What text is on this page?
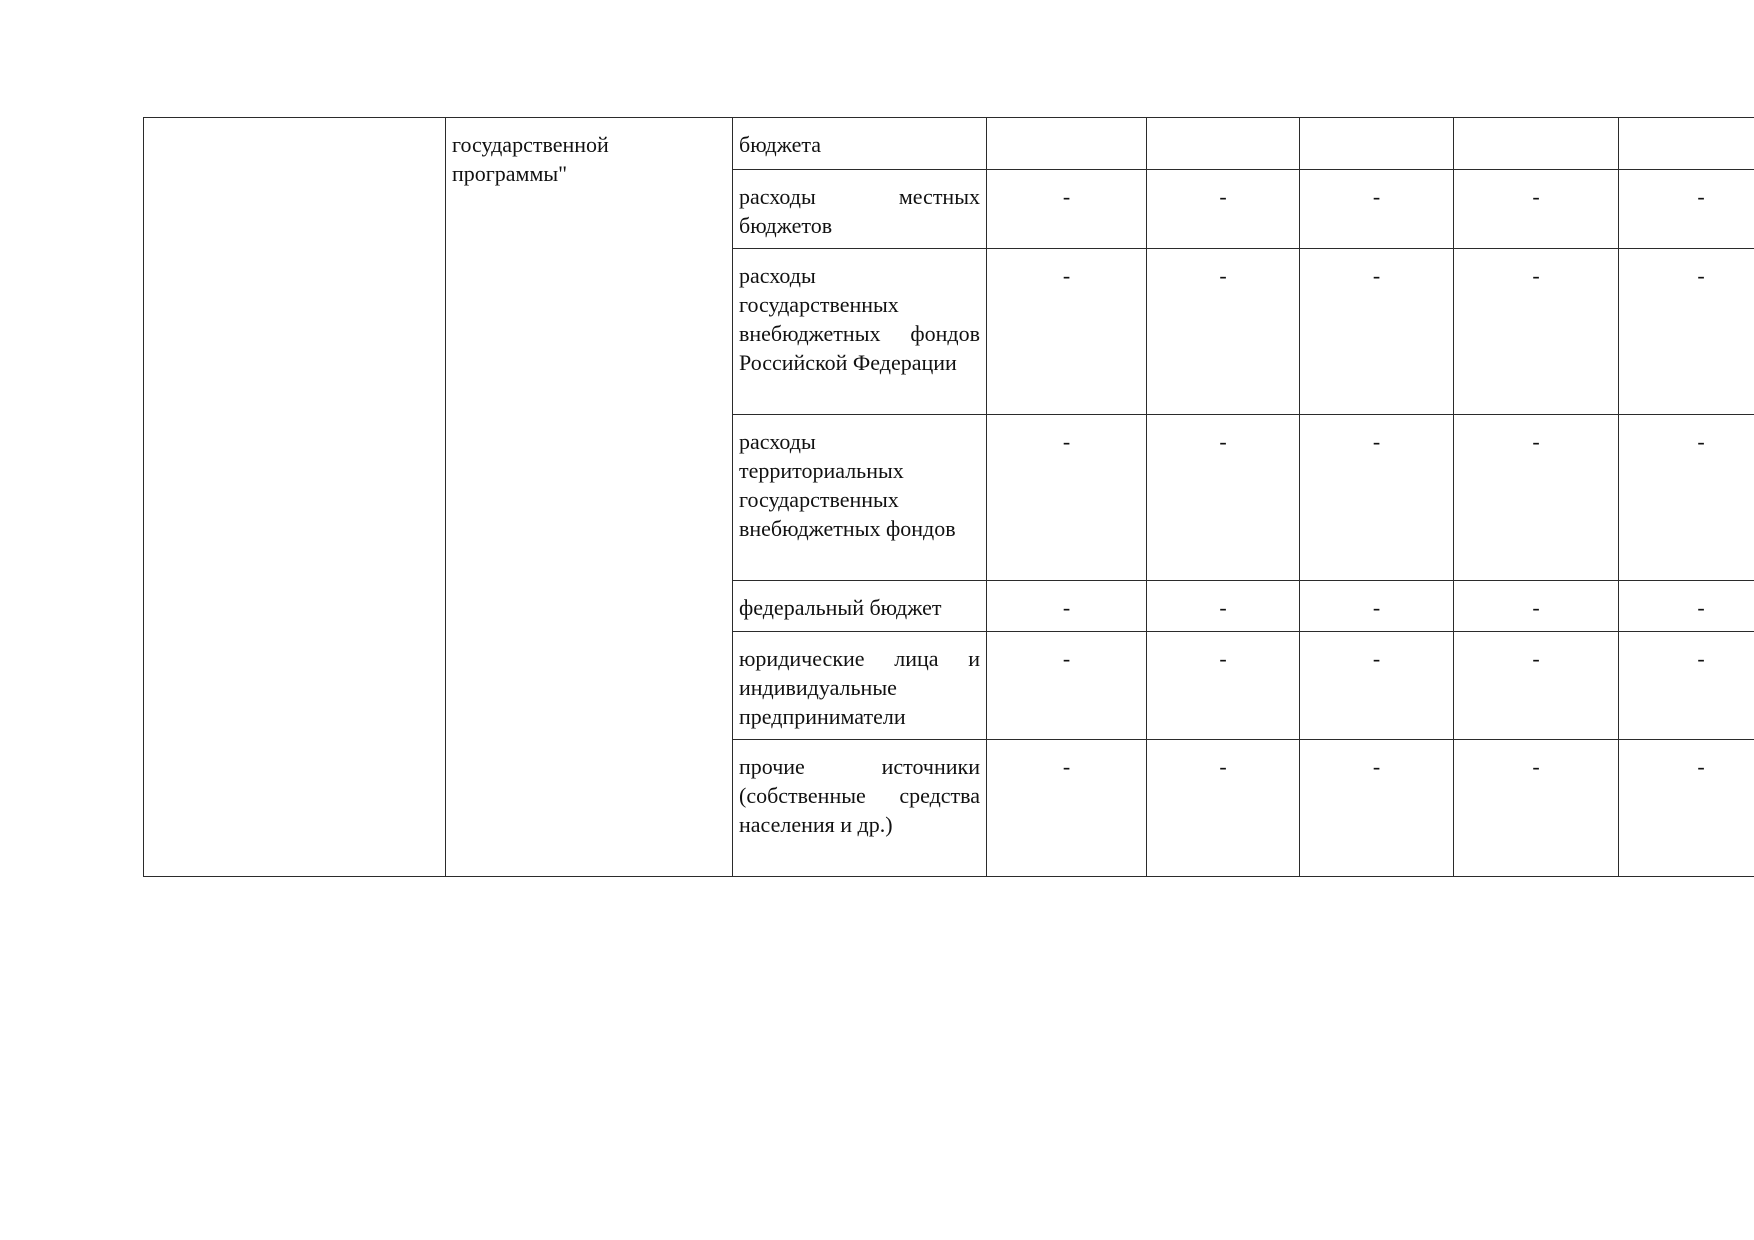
	государственной программы"	бюджета					
		расходы местных бюджетов	-	-	-	-	-
		расходы государственных внебюджетных фондов Российской Федерации	-	-	-	-	-
		расходы территориальных государственных внебюджетных фондов	-	-	-	-	-
		федеральный бюджет	-	-	-	-	-
		юридические лица и индивидуальные предприниматели	-	-	-	-	-
		прочие источники (собственные средства населения и др.)	-	-	-	-	-
